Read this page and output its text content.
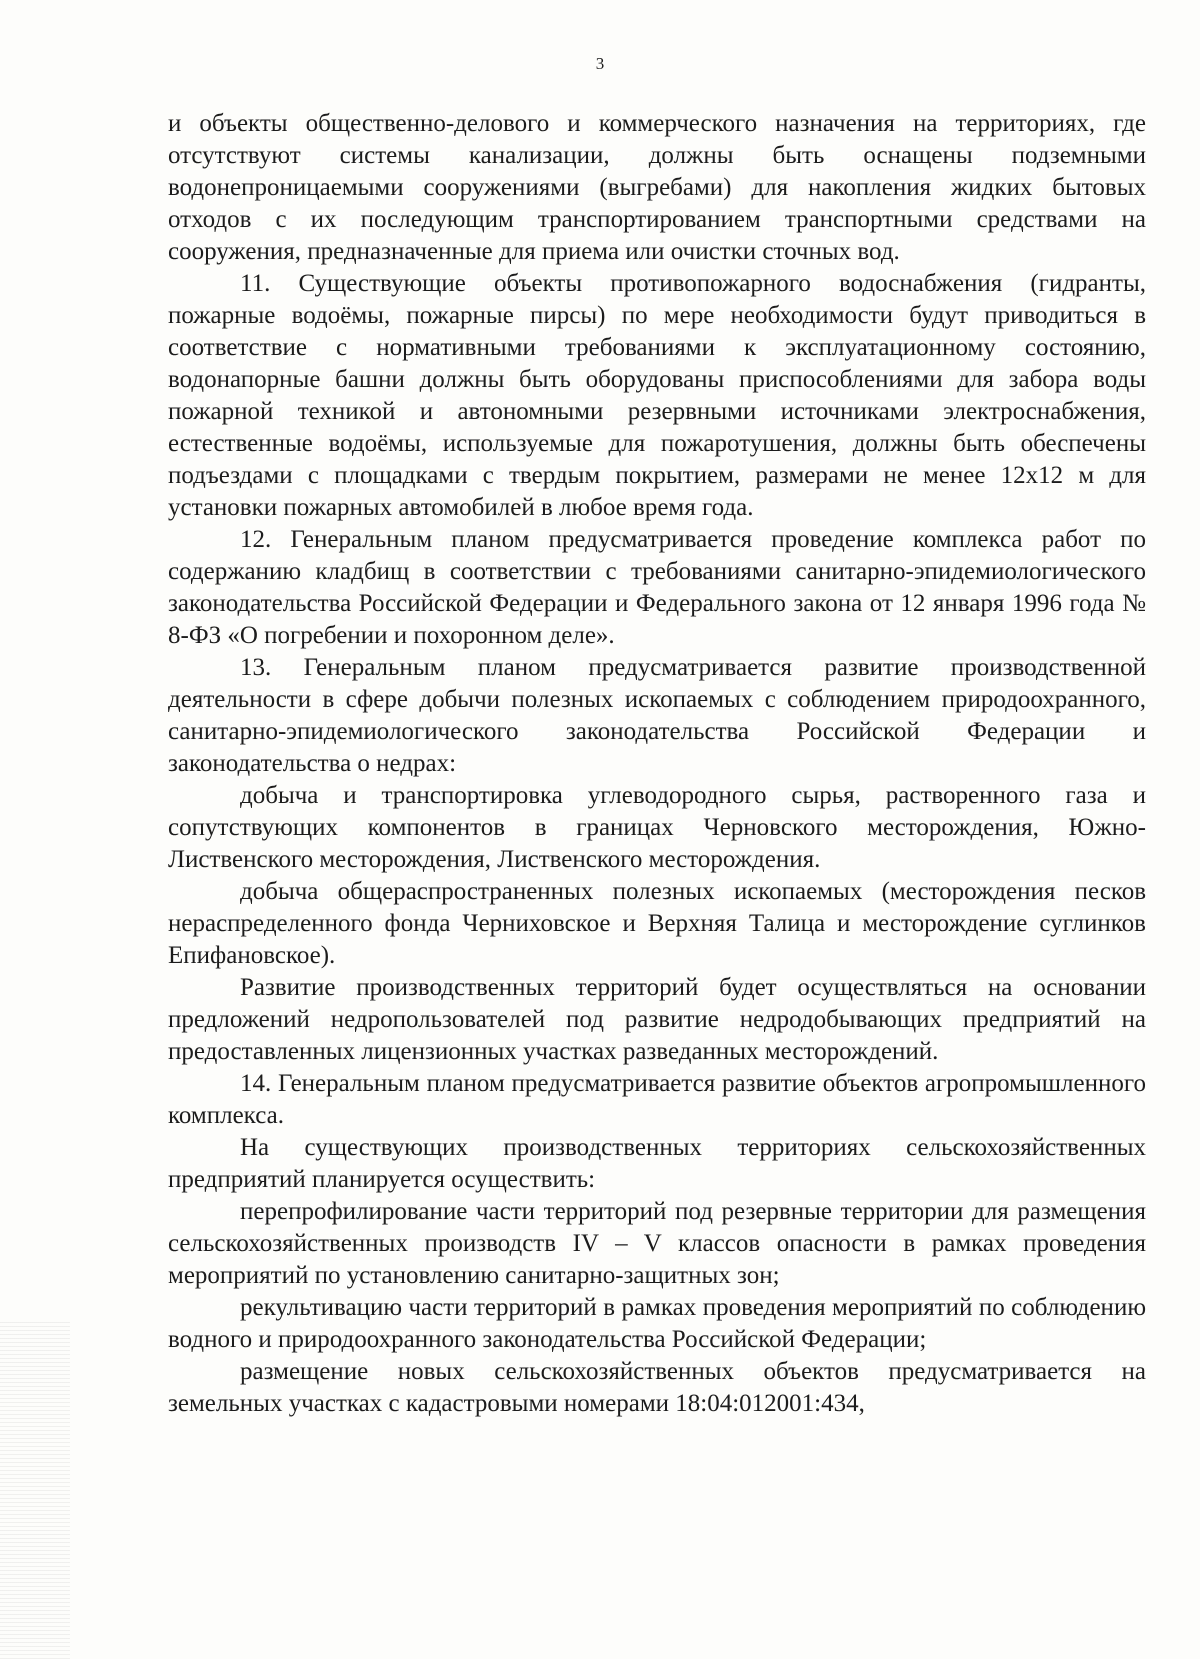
3

и объекты общественно-делового и коммерческого назначения на территориях, где отсутствуют системы канализации, должны быть оснащены подземными водонепроницаемыми сооружениями (выгребами) для накопления жидких бытовых отходов с их последующим транспортированием транспортными средствами на сооружения, предназначенные для приема или очистки сточных вод.

11. Существующие объекты противопожарного водоснабжения (гидранты, пожарные водоёмы, пожарные пирсы) по мере необходимости будут приводиться в соответствие с нормативными требованиями к эксплуатационному состоянию, водонапорные башни должны быть оборудованы приспособлениями для забора воды пожарной техникой и автономными резервными источниками электроснабжения, естественные водоёмы, используемые для пожаротушения, должны быть обеспечены подъездами с площадками с твердым покрытием, размерами не менее 12х12 м для установки пожарных автомобилей в любое время года.

12. Генеральным планом предусматривается проведение комплекса работ по содержанию кладбищ в соответствии с требованиями санитарно-эпидемиологического законодательства Российской Федерации и Федерального закона от 12 января 1996 года № 8-ФЗ «О погребении и похоронном деле».

13. Генеральным планом предусматривается развитие производственной деятельности в сфере добычи полезных ископаемых с соблюдением природоохранного, санитарно-эпидемиологического законодательства Российской Федерации и законодательства о недрах:

добыча и транспортировка углеводородного сырья, растворенного газа и сопутствующих компонентов в границах Черновского месторождения, Южно-Лиственского месторождения, Лиственского месторождения.

добыча общераспространенных полезных ископаемых (месторождения песков нераспределенного фонда Черниховское и Верхняя Талица и месторождение суглинков Епифановское).

Развитие производственных территорий будет осуществляться на основании предложений недропользователей под развитие недродобывающих предприятий на предоставленных лицензионных участках разведанных месторождений.

14. Генеральным планом предусматривается развитие объектов агропромышленного комплекса.

На существующих производственных территориях сельскохозяйственных предприятий планируется осуществить:

перепрофилирование части территорий под резервные территории для размещения сельскохозяйственных производств IV – V классов опасности в рамках проведения мероприятий по установлению санитарно-защитных зон;

рекультивацию части территорий в рамках проведения мероприятий по соблюдению водного и природоохранного законодательства Российской Федерации;

размещение новых сельскохозяйственных объектов предусматривается на земельных участках с кадастровыми номерами 18:04:012001:434,
